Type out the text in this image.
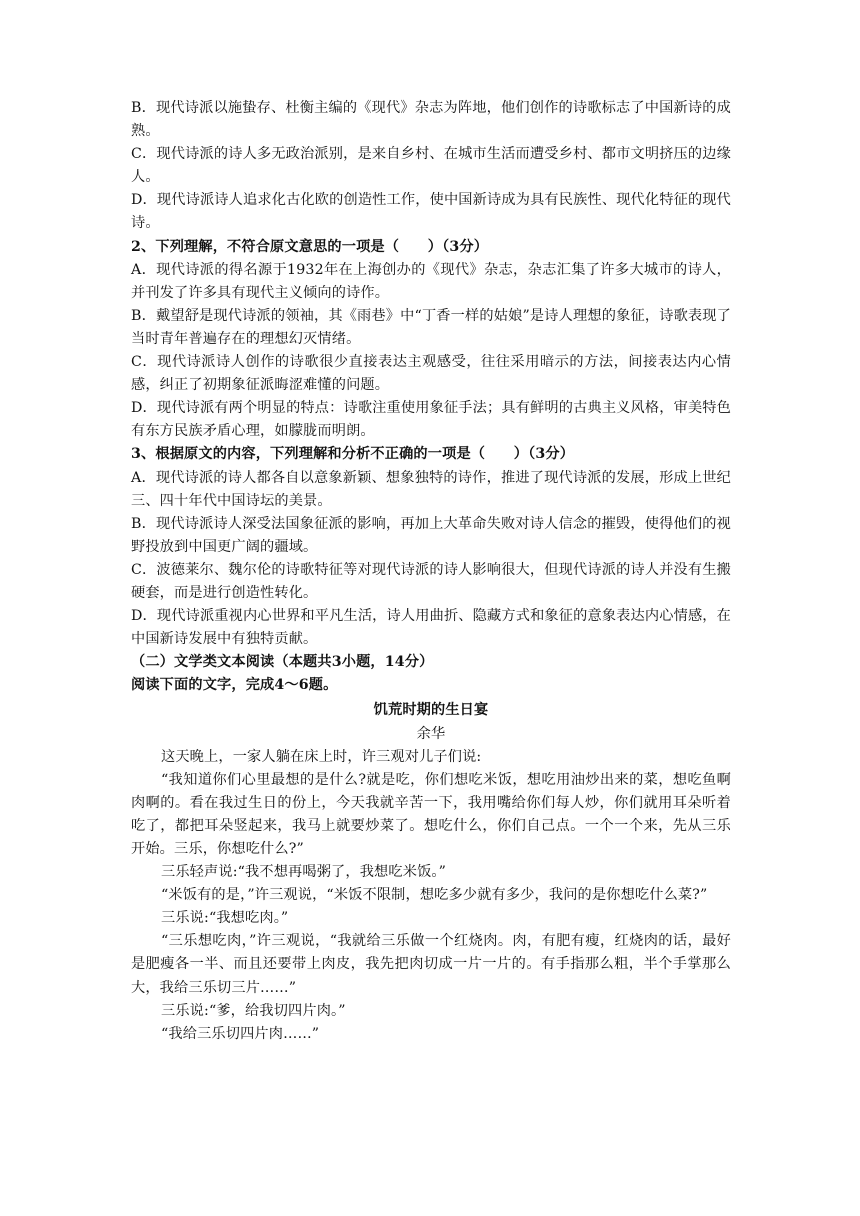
B．现代诗派以施蛰存、杜衡主编的《现代》杂志为阵地，他们创作的诗歌标志了中国新诗的成熟。

C．现代诗派的诗人多无政治派别，是来自乡村、在城市生活而遭受乡村、都市文明挤压的边缘人。

D．现代诗派诗人追求化古化欧的创造性工作，使中国新诗成为具有民族性、现代化特征的现代诗。

2、下列理解，不符合原文意思的一项是（　　）（3分）

A．现代诗派的得名源于1932年在上海创办的《现代》杂志，杂志汇集了许多大城市的诗人，并刊发了许多具有现代主义倾向的诗作。

B．戴望舒是现代诗派的领袖，其《雨巷》中“丁香一样的姑娘”是诗人理想的象征，诗歌表现了当时青年普遍存在的理想幻灭情绪。

C．现代诗派诗人创作的诗歌很少直接表达主观感受，往往采用暗示的方法，间接表达内心情感，纠正了初期象征派晦涩难懂的问题。

D．现代诗派有两个明显的特点：诗歌注重使用象征手法；具有鲜明的古典主义风格，审美特色有东方民族矛盾心理，如朦胧而明朗。

3、根据原文的内容，下列理解和分析不正确的一项是（　　）（3分）

A．现代诗派的诗人都各自以意象新颖、想象独特的诗作，推进了现代诗派的发展，形成上世纪三、四十年代中国诗坛的美景。

B．现代诗派诗人深受法国象征派的影响，再加上大革命失败对诗人信念的摧毁，使得他们的视野投放到中国更广阔的疆域。

C．波德莱尔、魏尔伦的诗歌特征等对现代诗派的诗人影响很大，但现代诗派的诗人并没有生搬硬套，而是进行创造性转化。

D．现代诗派重视内心世界和平凡生活，诗人用曲折、隐藏方式和象征的意象表达内心情感，在中国新诗发展中有独特贡献。

（二）文学类文本阅读（本题共3小题，14分）

阅读下面的文字，完成4～6题。

饥荒时期的生日宴

余华

这天晚上，一家人躺在床上时，许三观对儿子们说:

“我知道你们心里最想的是什么?就是吃，你们想吃米饭，想吃用油炒出来的菜，想吃鱼啊肉啊的。看在我过生日的份上，今天我就辛苦一下，我用嘴给你们每人炒，你们就用耳朵听着吃了，都把耳朵竖起来，我马上就要炒菜了。想吃什么，你们自己点。一个一个来，先从三乐开始。三乐，你想吃什么?”

三乐轻声说:“我不想再喝粥了，我想吃米饭。”

“米饭有的是，”许三观说，“米饭不限制，想吃多少就有多少，我问的是你想吃什么菜?”

三乐说:“我想吃肉。”

“三乐想吃肉，”许三观说，“我就给三乐做一个红烧肉。肉，有肥有瘦，红烧肉的话，最好是肥瘦各一半、而且还要带上肉皮，我先把肉切成一片一片的。有手指那么粗，半个手掌那么大，我给三乐切三片……”

三乐说:“爹，给我切四片肉。”

“我给三乐切四片肉……”
